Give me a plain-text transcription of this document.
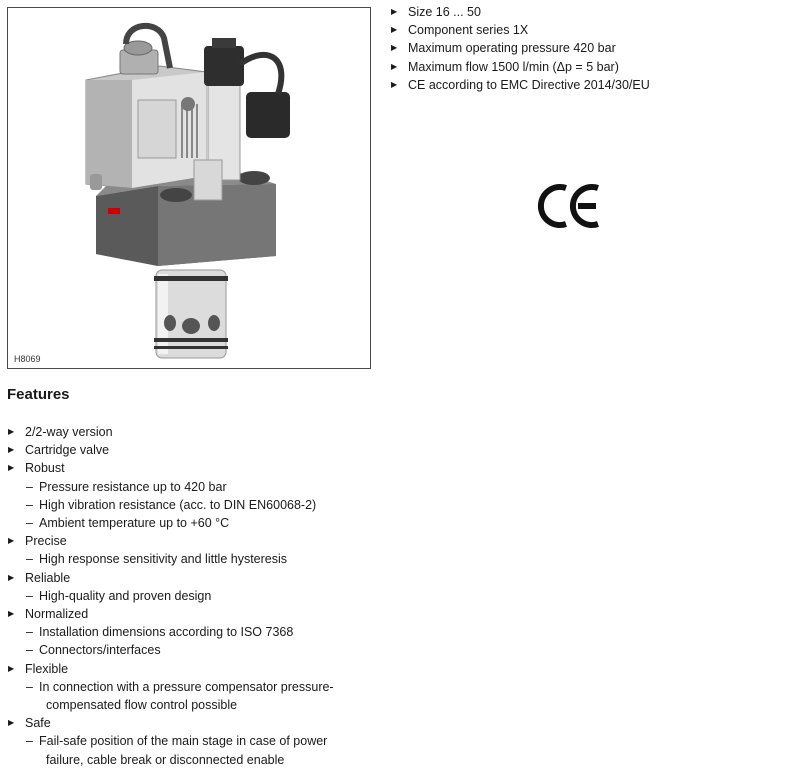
H8069
▶ Size 16 ... 50
▶ Component series 1X
▶ Maximum operating pressure 420 bar
▶ Maximum flow 1500 l/min (Δp = 5 bar)
▶ CE according to EMC Directive 2014/30/EU
Features
▶ 2/2-way version
▶ Cartridge valve
▶ Robust
– Pressure resistance up to 420 bar
– High vibration resistance (acc. to DIN EN60068-2)
– Ambient temperature up to +60 °C
▶ Precise
– High response sensitivity and little hysteresis
▶ Reliable
– High-quality and proven design
▶ Normalized
– Installation dimensions according to ISO 7368
– Connectors/interfaces
▶ Flexible
– In connection with a pressure compensator pressure-
compensated flow control possible
▶ Safe
– Fail-safe position of the main stage in case of power
failure, cable break or disconnected enable
